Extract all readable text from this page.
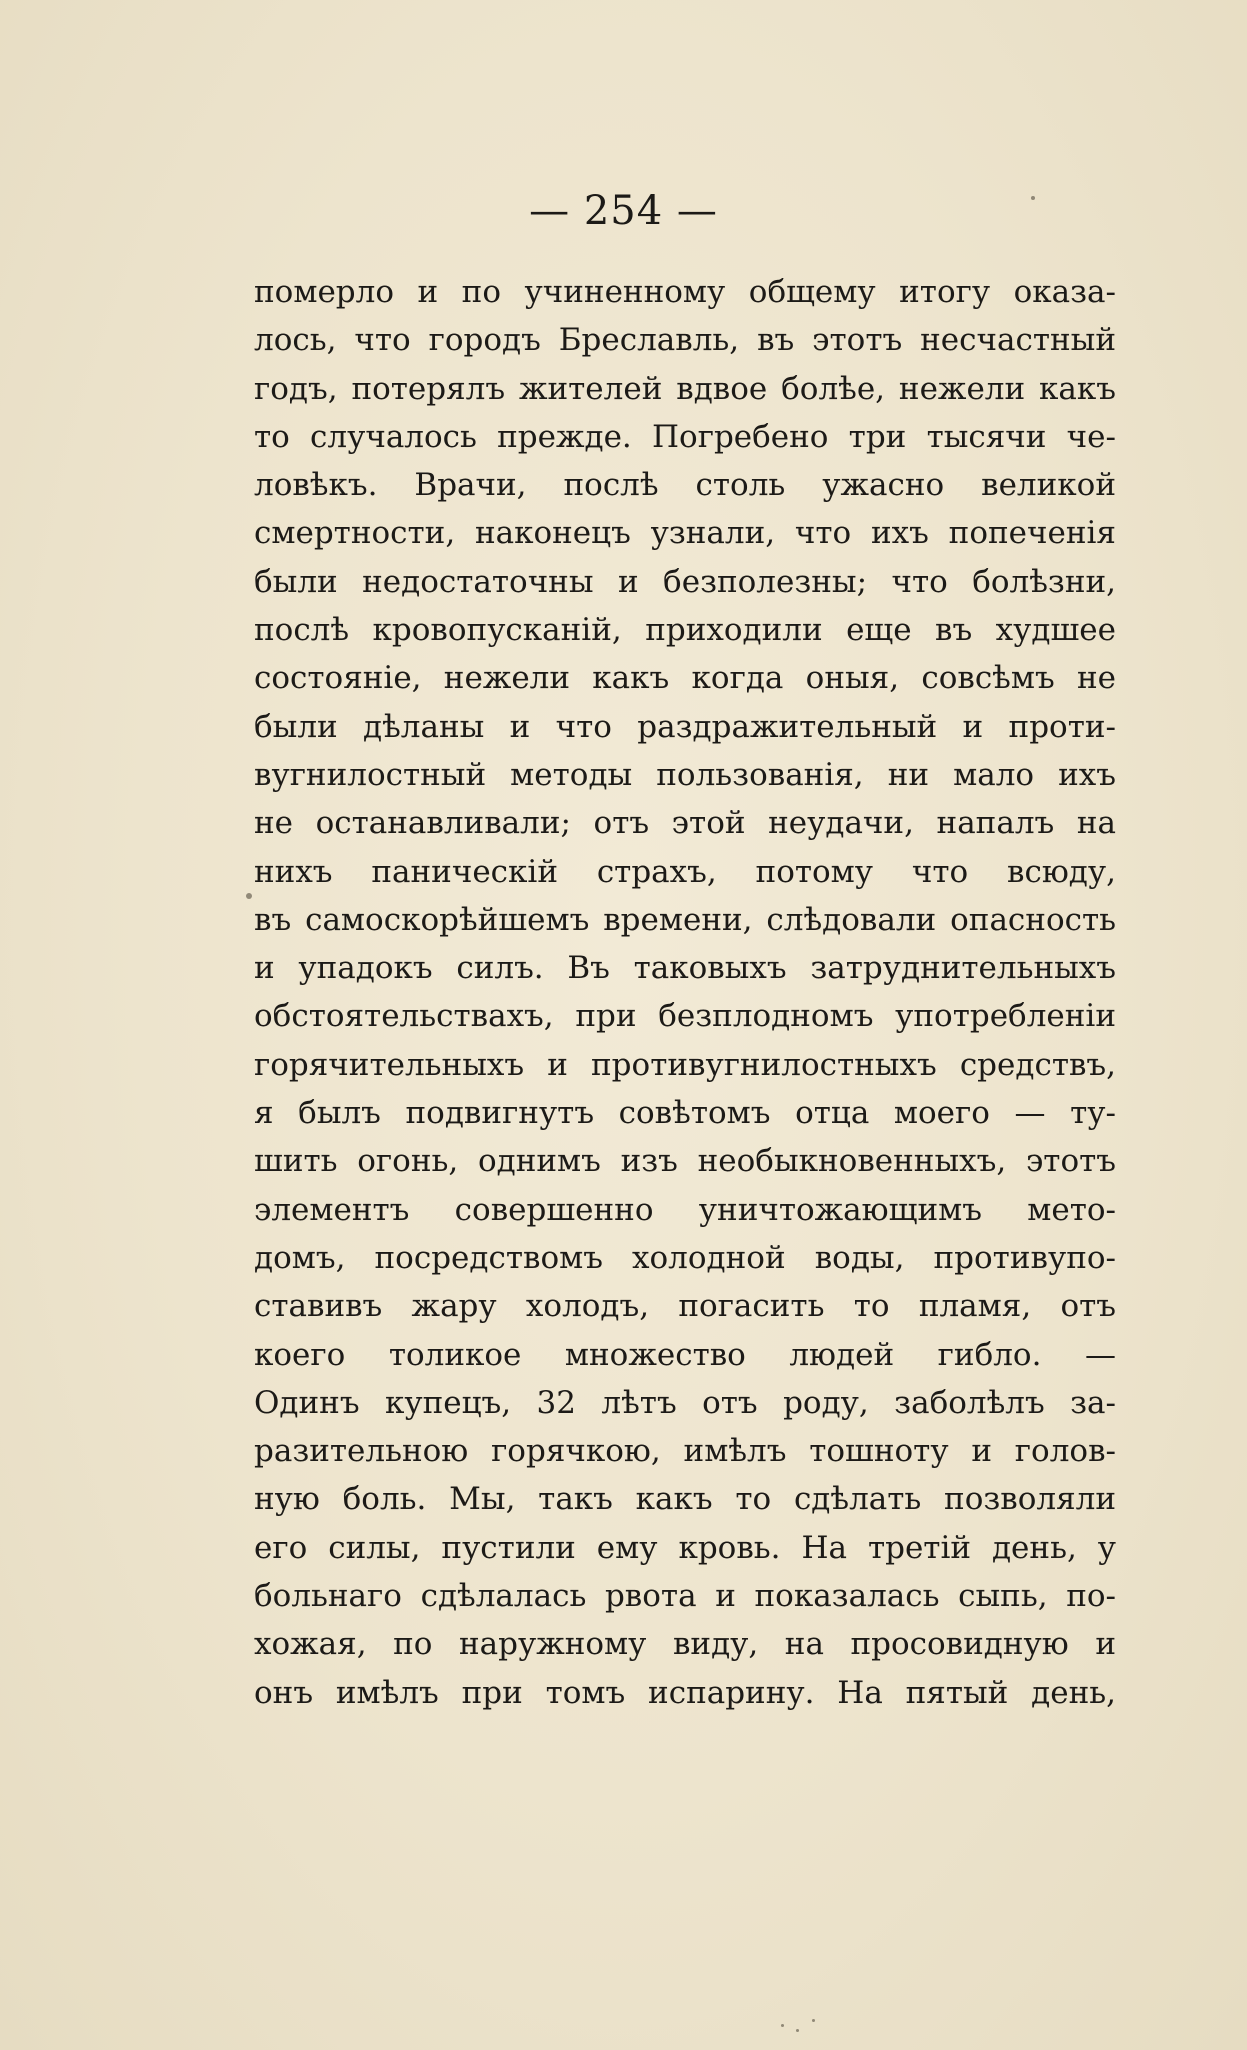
— 254 —
померло и по учиненному общему итогу оказа-
лось, что городъ Бреславль, въ этотъ несчастный
годъ, потерялъ жителей вдвое болѣе, нежели какъ
то случалось прежде. Погребено три тысячи че-
ловѣкъ. Врачи, послѣ столь ужасно великой
смертности, наконецъ узнали, что ихъ попеченія
были недостаточны и безполезны; что болѣзни,
послѣ кровопусканій, приходили еще въ худшее
состояніе, нежели какъ когда оныя, совсѣмъ не
были дѣланы и что раздражительный и проти-
вугнилостный методы пользованія, ни мало ихъ
не останавливали; отъ этой неудачи, напалъ на
нихъ паническій страхъ, потому что всюду,
въ самоскорѣйшемъ времени, слѣдовали опасность
и упадокъ силъ. Въ таковыхъ затруднительныхъ
обстоятельствахъ, при безплодномъ употребленіи
горячительныхъ и противугнилостныхъ средствъ,
я былъ подвигнутъ совѣтомъ отца моего — ту-
шить огонь, однимъ изъ необыкновенныхъ, этотъ
элементъ совершенно уничтожающимъ мето-
домъ, посредствомъ холодной воды, противупо-
ставивъ жару холодъ, погасить то пламя, отъ
коего толикое множество людей гибло. —
Одинъ купецъ, 32 лѣтъ отъ роду, заболѣлъ за-
разительною горячкою, имѣлъ тошноту и голов-
ную боль. Мы, такъ какъ то сдѣлать позволяли
его силы, пустили ему кровь. На третій день, у
больнаго сдѣлалась рвота и показалась сыпь, по-
хожая, по наружному виду, на просовидную и
онъ имѣлъ при томъ испарину. На пятый день,
